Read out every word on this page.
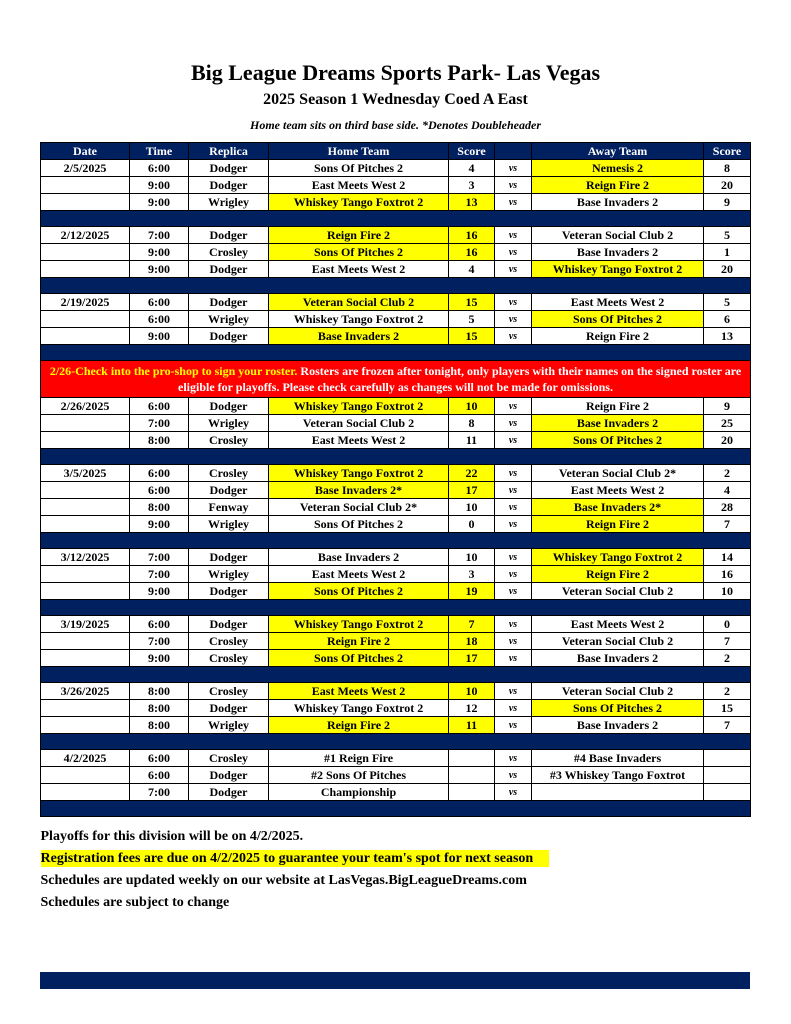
Big League Dreams Sports Park- Las Vegas
2025 Season 1 Wednesday Coed A East
Home team sits on third base side. *Denotes Doubleheader
Date	Time	Replica	Home Team	Score		Away Team	Score
2/5/2025	6:00	Dodger	Sons Of Pitches 2	4	vs	Nemesis 2	8
	9:00	Dodger	East Meets West 2	3	vs	Reign Fire 2	20
	9:00	Wrigley	Whiskey Tango Foxtrot 2	13	vs	Base Invaders 2	9

2/12/2025	7:00	Dodger	Reign Fire 2	16	vs	Veteran Social Club 2	5
	9:00	Crosley	Sons Of Pitches 2	16	vs	Base Invaders 2	1
	9:00	Dodger	East Meets West 2	4	vs	Whiskey Tango Foxtrot 2	20

2/19/2025	6:00	Dodger	Veteran Social Club 2	15	vs	East Meets West 2	5
	6:00	Wrigley	Whiskey Tango Foxtrot 2	5	vs	Sons Of Pitches 2	6
	9:00	Dodger	Base Invaders 2	15	vs	Reign Fire 2	13

2/26-Check into the pro-shop to sign your roster. Rosters are frozen after tonight, only players with their names on the signed roster are eligible for playoffs. Please check carefully as changes will not be made for omissions.							
2/26/2025	6:00	Dodger	Whiskey Tango Foxtrot 2	10	vs	Reign Fire 2	9
	7:00	Wrigley	Veteran Social Club 2	8	vs	Base Invaders 2	25
	8:00	Crosley	East Meets West 2	11	vs	Sons Of Pitches 2	20

3/5/2025	6:00	Crosley	Whiskey Tango Foxtrot 2	22	vs	Veteran Social Club 2*	2
	6:00	Dodger	Base Invaders 2*	17	vs	East Meets West 2	4
	8:00	Fenway	Veteran Social Club 2*	10	vs	Base Invaders 2*	28
	9:00	Wrigley	Sons Of Pitches 2	0	vs	Reign Fire 2	7

3/12/2025	7:00	Dodger	Base Invaders 2	10	vs	Whiskey Tango Foxtrot 2	14
	7:00	Wrigley	East Meets West 2	3	vs	Reign Fire 2	16
	9:00	Dodger	Sons Of Pitches 2	19	vs	Veteran Social Club 2	10

3/19/2025	6:00	Dodger	Whiskey Tango Foxtrot 2	7	vs	East Meets West 2	0
	7:00	Crosley	Reign Fire 2	18	vs	Veteran Social Club 2	7
	9:00	Crosley	Sons Of Pitches 2	17	vs	Base Invaders 2	2

3/26/2025	8:00	Crosley	East Meets West 2	10	vs	Veteran Social Club 2	2
	8:00	Dodger	Whiskey Tango Foxtrot 2	12	vs	Sons Of Pitches 2	15
	8:00	Wrigley	Reign Fire 2	11	vs	Base Invaders 2	7

4/2/2025	6:00	Crosley	#1 Reign Fire		vs	#4 Base Invaders	
	6:00	Dodger	#2 Sons Of Pitches		vs	#3 Whiskey Tango Foxtrot	
	7:00	Dodger	Championship		vs		

Playoffs for this division will be on 4/2/2025.
Registration fees are due on 4/2/2025 to guarantee your team's spot for next season
Schedules are updated weekly on our website at LasVegas.BigLeagueDreams.com
Schedules are subject to change
